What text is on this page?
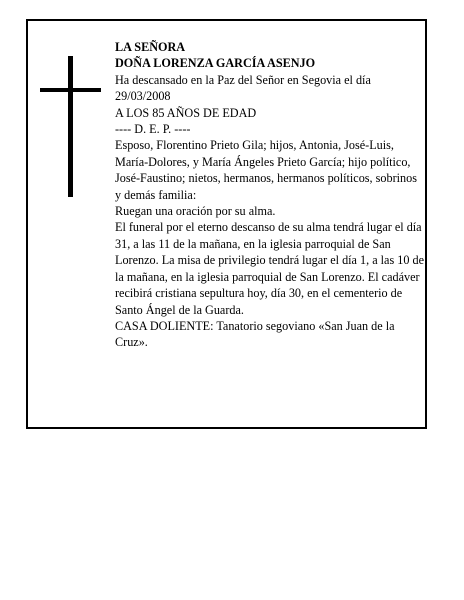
LA SEÑORA

DOÑA LORENZA GARCÍA ASENJO

Ha descansado en la Paz del Señor en Segovia el día 29/03/2008

A LOS 85 AÑOS DE EDAD

---- D. E. P. ----

Esposo, Florentino Prieto Gila; hijos, Antonia, José-Luis, María-Dolores, y María Ángeles Prieto García; hijo político, José-Faustino; nietos, hermanos, hermanos políticos, sobrinos y demás familia:

Ruegan una oración por su alma.

El funeral por el eterno descanso de su alma tendrá lugar el día 31, a las 11 de la mañana, en la iglesia parroquial de San Lorenzo. La misa de privilegio tendrá lugar el día 1, a las 10 de la mañana, en la iglesia parroquial de San Lorenzo. El cadáver recibirá cristiana sepultura hoy, día 30, en el cementerio de Santo Ángel de la Guarda.

CASA DOLIENTE: Tanatorio segoviano «San Juan de la Cruz».
